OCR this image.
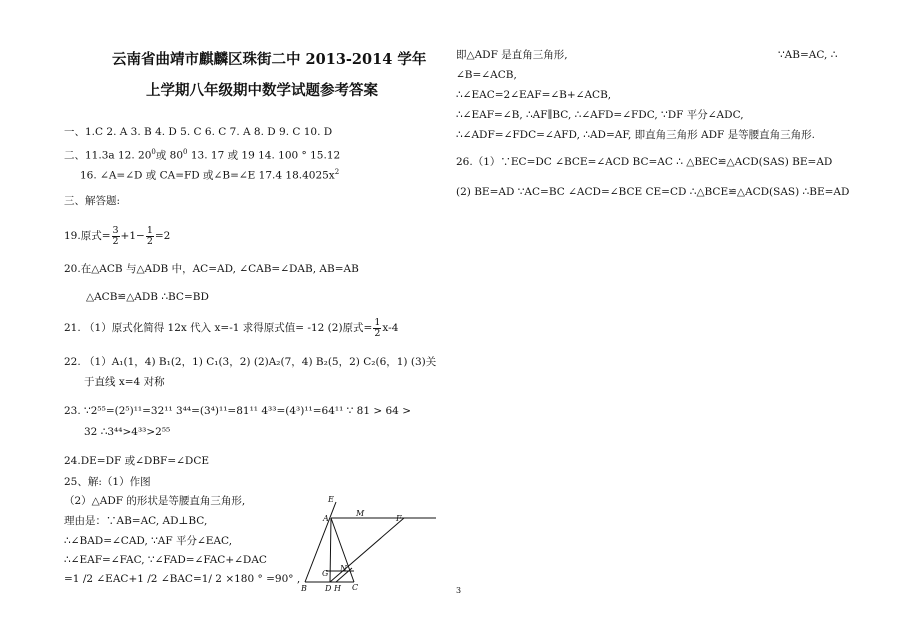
云南省曲靖市麒麟区珠街二中 2013-2014 学年
上学期八年级期中数学试题参考答案
一、1.C 2. A 3. B 4. D 5. C 6. C 7. A 8. D 9. C 10. D
二、11.3a 12. $20^0$或 $80^0$ 13. 17 或 19 14. 100 ° 15.12
16. ∠A=∠D 或 CA=FD 或∠B=∠E 17.4 $18.4025x^2$
三、解答题:
19.原式= $\frac{3}{2} +1- \frac{1}{2} =2$
20.在△ACB 与△ADB 中，AC=AD, ∠CAB=∠DAB, AB=AB
△ACB≌△ADB ∴BC=BD
21. （1）原式化简得 12x 代入 x=-1 求得原式值= -12 (2)原式= $\frac{1}{2} x-4$
22. （1）A₁(1，4) B₁(2，1) C₁(3，2) (2)A₂(7，4) B₂(5，2) C₂(6，1) (3)关
于直线 x=4 对称
23. ∵2⁵⁵=(2⁵)¹¹=32¹¹ 3⁴⁴=(3⁴)¹¹=81¹¹ 4³³=(4³)¹¹=64¹¹ ∵ 81 > 64 >
32 ∴3⁴⁴>4³³>2⁵⁵
24.DE=DF 或∠DBF=∠DCE
25、解:（1）作图
（2）△ADF 的形状是等腰直角三角形,
理由是：∵AB=AC, AD⊥BC,
∴∠BAD=∠CAD, ∵AF 平分∠EAC,
∴∠EAF=∠FAC, ∵∠FAD=∠FAC+∠DAC
=1 /2 ∠EAC+1 /2 ∠BAC=1/ 2 ×180 ° =90° ,
即△ADF 是直角三角形,	∵AB=AC, ∴
∠B=∠ACB,
∴∠EAC=2∠EAF=∠B+∠ACB,
∴∠EAF=∠B, ∴AF∥BC, ∴∠AFD=∠FDC, ∵DF 平分∠ADC,
∴∠ADF=∠FDC=∠AFD, ∴AD=AF, 即直角三角形 ADF 是等腰直角三角形.
26.（1）∵EC=DC ∠BCE=∠ACD BC=AC ∴ △BEC≌△ACD(SAS) BE=AD
(2) BE=AD ∵AC=BC ∠ACD=∠BCE CE=CD ∴△BCE≌△ACD(SAS) ∴BE=AD
E
A
M
F
G
N
B D H C	3
